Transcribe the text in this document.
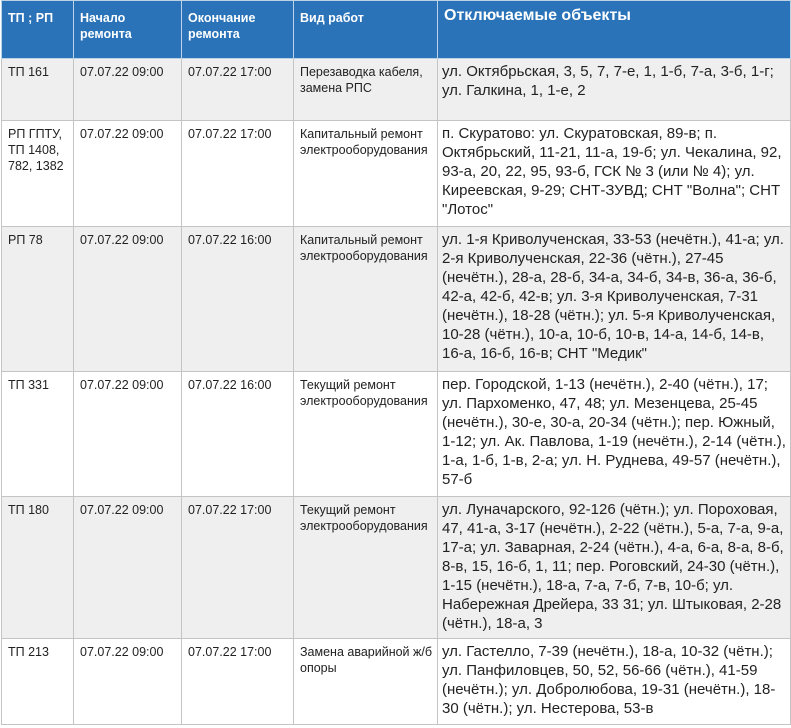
ТП ; РП	Начало ремонта	Окончание ремонта	Вид работ	Отключаемые объекты
ТП 161	07.07.22 09:00	07.07.22 17:00	Перезаводка кабеля, замена РПС	ул. Октябрьская, 3, 5, 7, 7-е, 1, 1-б, 7-а, 3-б, 1-г; ул. Галкина, 1, 1-е, 2
РП ГПТУ, ТП 1408, 782, 1382	07.07.22 09:00	07.07.22 17:00	Капитальный ремонт электрооборудования	п. Скуратово: ул. Скуратовская, 89-в; п. Октябрьский, 11-21, 11-а, 19-б; ул. Чекалина, 92, 93-а, 20, 22, 95, 93-б, ГСК № 3 (или № 4); ул. Киреевская, 9-29; СНТ-ЗУВД; СНТ "Волна"; СНТ "Лотос"
РП 78	07.07.22 09:00	07.07.22 16:00	Капитальный ремонт электрооборудования	ул. 1-я Криволученская, 33-53 (нечётн.), 41-а; ул. 2-я Криволученская, 22-36 (чётн.), 27-45 (нечётн.), 28-а, 28-б, 34-а, 34-б, 34-в, 36-а, 36-б, 42-а, 42-б, 42-в; ул. 3-я Криволученская, 7-31 (нечётн.), 18-28 (чётн.); ул. 5-я Криволученская, 10-28 (чётн.), 10-а, 10-б, 10-в, 14-а, 14-б, 14-в, 16-а, 16-б, 16-в; СНТ "Медик"
ТП 331	07.07.22 09:00	07.07.22 16:00	Текущий ремонт электрооборудования	пер. Городской, 1-13 (нечётн.), 2-40 (чётн.), 17; ул. Пархоменко, 47, 48; ул. Мезенцева, 25-45 (нечётн.), 30-е, 30-а, 20-34 (чётн.); пер. Южный, 1-12; ул. Ак. Павлова, 1-19 (нечётн.), 2-14 (чётн.), 1-а, 1-б, 1-в, 2-а; ул. Н. Руднева, 49-57 (нечётн.), 57-б
ТП 180	07.07.22 09:00	07.07.22 17:00	Текущий ремонт электрооборудования	ул. Луначарского, 92-126 (чётн.); ул. Пороховая, 47, 41-а, 3-17 (нечётн.), 2-22 (чётн.), 5-а, 7-а, 9-а, 17-а; ул. Заварная, 2-24 (чётн.), 4-а, 6-а, 8-а, 8-б, 8-в, 15, 16-б, 1, 11; пер. Роговский, 24-30 (чётн.), 1-15 (нечётн.), 18-а, 7-а, 7-б, 7-в, 10-б; ул. Набережная Дрейера, 33 31; ул. Штыковая, 2-28 (чётн.), 18-а, 3
ТП 213	07.07.22 09:00	07.07.22 17:00	Замена аварийной ж/б опоры	ул. Гастелло, 7-39 (нечётн.), 18-а, 10-32 (чётн.); ул. Панфиловцев, 50, 52, 56-66 (чётн.), 41-59 (нечётн.); ул. Добролюбова, 19-31 (нечётн.), 18-30 (чётн.); ул. Нестерова, 53-в
